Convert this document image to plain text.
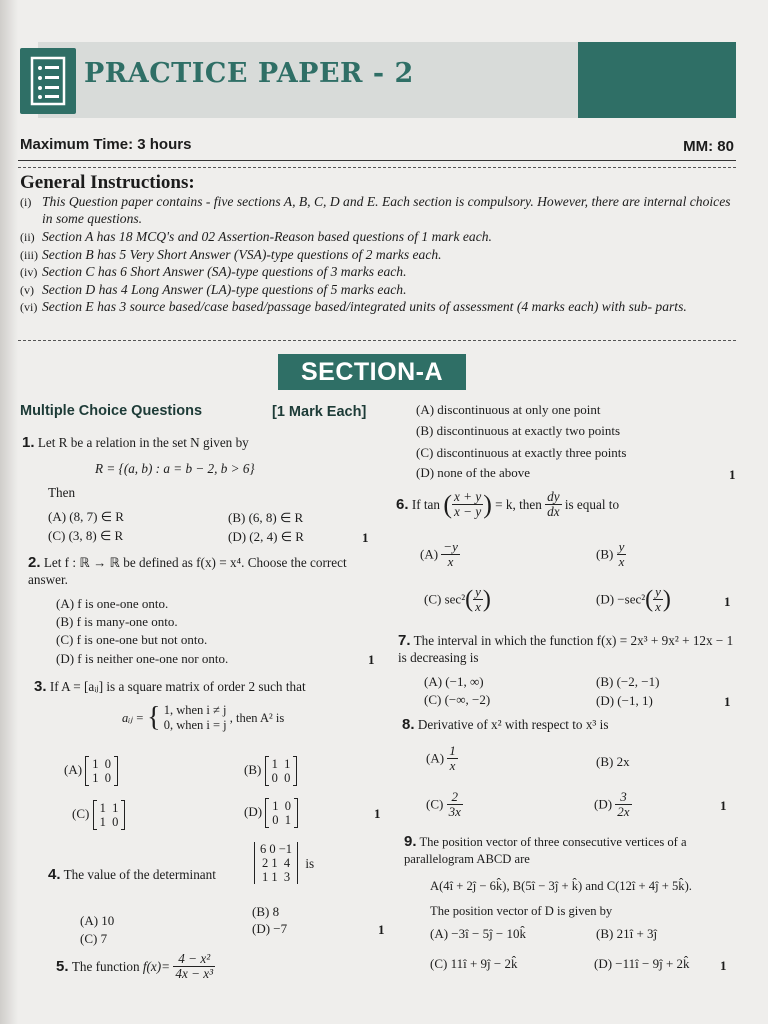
PRACTICE PAPER - 2
Maximum Time: 3 hours	MM: 80
General Instructions:
(i) This Question paper contains - five sections A, B, C, D and E. Each section is compulsory. However, there are internal choices in some questions.
(ii) Section A has 18 MCQ's and 02 Assertion-Reason based questions of 1 mark each.
(iii) Section B has 5 Very Short Answer (VSA)-type questions of 2 marks each.
(iv) Section C has 6 Short Answer (SA)-type questions of 3 marks each.
(v) Section D has 4 Long Answer (LA)-type questions of 5 marks each.
(vi) Section E has 3 source based/case based/passage based/integrated units of assessment (4 marks each) with sub- parts.
SECTION-A
Multiple Choice Questions	[1 Mark Each]
1. Let R be a relation in the set N given by
R = {(a, b) : a = b − 2, b > 6}
Then
(A) (8, 7) ∈ R	(B) (6, 8) ∈ R
(C) (3, 8) ∈ R	(D) (2, 4) ∈ R	1
2. Let f : ℝ → ℝ be defined as f(x) = x⁴. Choose the correct answer.
(A) f is one-one onto.
(B) f is many-one onto.
(C) f is one-one but not onto.
(D) f is neither one-one nor onto.	1
3. If A = [aᵢⱼ] is a square matrix of order 2 such that
aᵢⱼ = { 1, when i ≠ j
0, when i = j
, then A² is
(A) 1 0
1 0
(B) 1 1
0 0
(C) 1 1
1 0
(D) 1 0
0 1	1
4. The value of the determinant
6 0 −1
2 1 4
1 1 3 is
(B) 8
(A) 10
(D) −7
(C) 7
1
5. The function $f(x)= \frac{\text{4 − x²}}{\text{4x − x³}}$
(A) discontinuous at only one point
(B) discontinuous at exactly two points
(C) discontinuous at exactly three points
(D) none of the above	1
6. If tan ( $\frac{x + y}{x - y}$ ) = k, then $\frac{dy}{dx}$ is equal to
$(A) \frac{-y}{x}$	$(B) \frac{y}{x}$
(C) $\sec^2( \frac{y}{x}$ )	$(D) -\sec^2( \frac{y}{x}$ )	1
7. The interval in which the function f(x) = 2x³ + 9x² + 12x − 1 is decreasing is
(A) (−1, ∞)	(B) (−2, −1)
(C) (−∞, −2)	(D) (−1, 1)	1
8. Derivative of x² with respect to x³ is
$(A) \frac{1}{x}$	(B) 2x
$(C) \frac{2}{3x}$	$(D) \frac{3}{2x}$	1
9. The position vector of three consecutive vertices of a parallelogram ABCD are
A(4î + 2ĵ − 6k̂), B(5î − 3ĵ + k̂) and C(12î + 4ĵ + 5k̂).
The position vector of D is given by
(A) −3î − 5ĵ − 10k̂	(B) 21î + 3ĵ
(C) 11î + 9ĵ − 2k̂	(D) −11î − 9ĵ + 2k̂ 1
